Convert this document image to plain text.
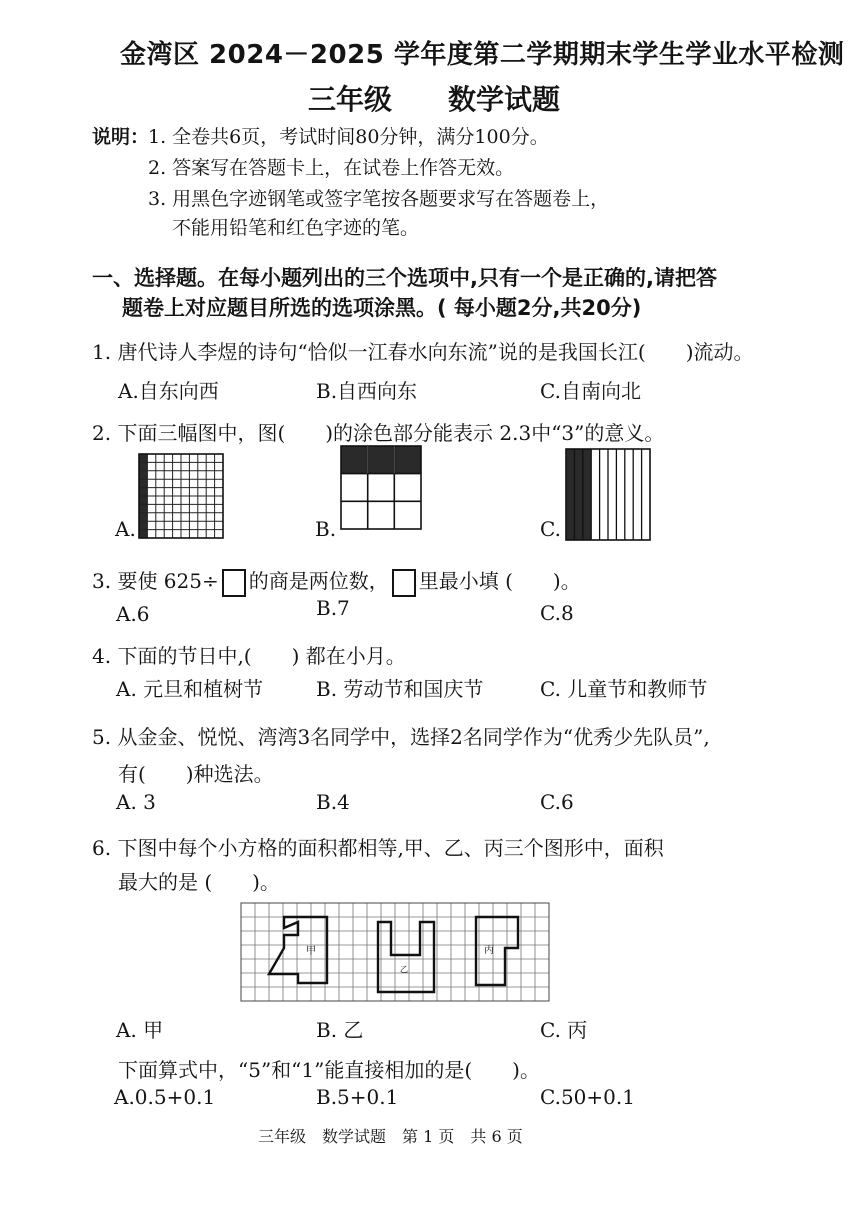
金湾区 2024－2025 学年度第二学期期末学生学业水平检测
三年级　　数学试题
说明：
1. 全卷共6页，考试时间80分钟，满分100分。
2. 答案写在答题卡上，在试卷上作答无效。
3. 用黑色字迹钢笔或签字笔按各题要求写在答题卷上，
不能用铅笔和红色字迹的笔。
一、选择题。在每小题列出的三个选项中,只有一个是正确的,请把答
题卷上对应题目所选的选项涂黑。( 每小题2分,共20分)
1. 唐代诗人李煜的诗句“恰似一江春水向东流”说的是我国长江(　　)流动。
A.自东向西	B.自西向东	C.自南向北
2. 下面三幅图中，图(　　)的涂色部分能表示 2.3中“3”的意义。
A.	B.	C.
3. 要使 625÷ 的商是两位数， 里最小填 (　　)。
A.6	B.7	C.8
4. 下面的节日中,(　　) 都在小月。
A. 元旦和植树节	B. 劳动节和国庆节	C. 儿童节和教师节
5. 从金金、悦悦、湾湾3名同学中，选择2名同学作为“优秀少先队员”,
有(　　)种选法。
A. 3	B.4	C.6
6. 下图中每个小方格的面积都相等,甲、乙、丙三个图形中，面积
最大的是 (　　)。
甲
乙
丙
A. 甲	B. 乙	C. 丙
下面算式中，“5”和“1”能直接相加的是(　　)。
A.0.5+0.1	B.5+0.1	C.50+0.1
三年级　数学试题　第 1 页　共 6 页
